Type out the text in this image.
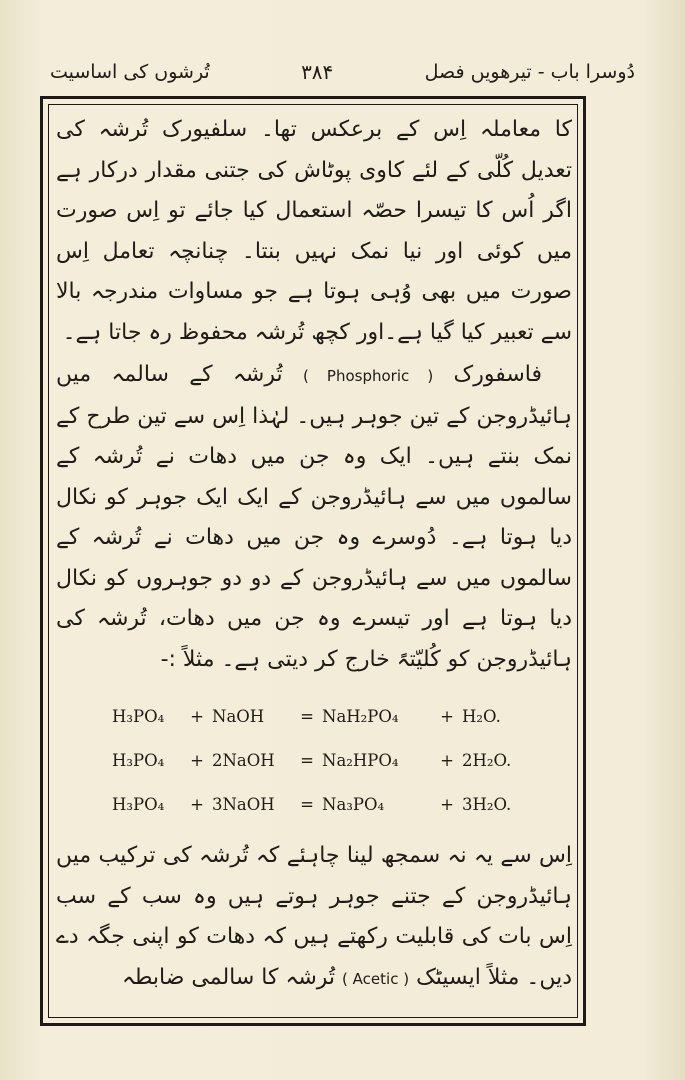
تُرشوں کی اساسیت	۳۸۴	دُوسرا باب - تیرھویں فصل

کا معاملہ اِس کے برعکس تھا۔ سلفیورک تُرشہ کی تعدیل کُلّی کے لئے کاوی پوٹاش کی جتنی مقدار درکار ہے اگر اُس کا تیسرا حصّہ استعمال کیا جائے تو اِس صورت میں کوئی اور نیا نمک نہیں بنتا۔ چنانچہ تعامل اِس صورت میں بھی وُہی ہوتا ہے جو مساوات مندرجہ بالا سے تعبیر کیا گیا ہے۔اور کچھ تُرشہ محفوظ رہ جاتا ہے۔

فاسفورک ( Phosphoric ) تُرشہ کے سالمہ میں ہائیڈروجن کے تین جوہر ہیں۔ لہٰذا اِس سے تین طرح کے نمک بنتے ہیں۔ ایک وہ جن میں دھات نے تُرشہ کے سالموں میں سے ہائیڈروجن کے ایک ایک جوہر کو نکال دیا ہوتا ہے۔ دُوسرے وہ جن میں دھات نے تُرشہ کے سالموں میں سے ہائیڈروجن کے دو دو جوہروں کو نکال دیا ہوتا ہے اور تیسرے وہ جن میں دھات، تُرشہ کی ہائیڈروجن کو کُلیّتہً خارج کر دیتی ہے۔ مثلاً :-

H₃PO₄	+ NaOH	= NaH₂PO₄	+ H₂O.
H₃PO₄	+ 2NaOH	= Na₂HPO₄	+ 2H₂O.
H₃PO₄	+ 3NaOH	= Na₃PO₄	+ 3H₂O.

اِس سے یہ نہ سمجھ لینا چاہئے کہ تُرشہ کی ترکیب میں ہائیڈروجن کے جتنے جوہر ہوتے ہیں وہ سب کے سب اِس بات کی قابلیت رکھتے ہیں کہ دھات کو اپنی جگہ دے دیں۔ مثلاً ایسیٹک ( Acetic ) تُرشہ کا سالمی ضابطہ
